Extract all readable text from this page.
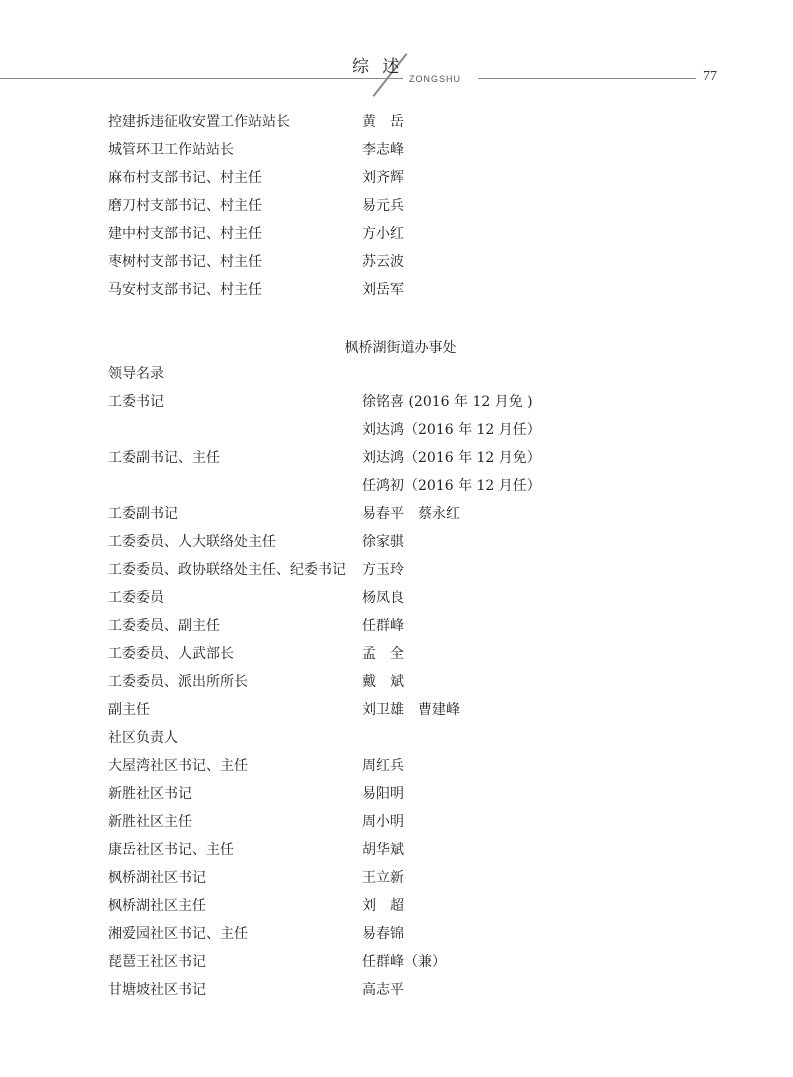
综 述
ZONGSHU	77
控建拆违征收安置工作站站长	黄　岳
城管环卫工作站站长	李志峰
麻布村支部书记、村主任	刘齐辉
磨刀村支部书记、村主任	易元兵
建中村支部书记、村主任	方小红
枣树村支部书记、村主任	苏云波
马安村支部书记、村主任	刘岳军
枫桥湖街道办事处
领导名录
工委书记	徐铭喜 (2016 年 12 月免 )
刘达鸿（2016 年 12 月任）
工委副书记、主任	刘达鸿（2016 年 12 月免）
任鸿初（2016 年 12 月任）
工委副书记	易春平　蔡永红
工委委员、人大联络处主任	徐家骐
工委委员、政协联络处主任、纪委书记 方玉玲
工委委员	杨凤良
工委委员、副主任	任群峰
工委委员、人武部长	孟　全
工委委员、派出所所长	戴　斌
副主任	刘卫雄　曹建峰
社区负责人
大屋湾社区书记、主任	周红兵
新胜社区书记	易阳明
新胜社区主任	周小明
康岳社区书记、主任	胡华斌
枫桥湖社区书记	王立新
枫桥湖社区主任	刘　超
湘爱园社区书记、主任	易春锦
琵琶王社区书记	任群峰（兼）
甘塘坡社区书记	高志平
